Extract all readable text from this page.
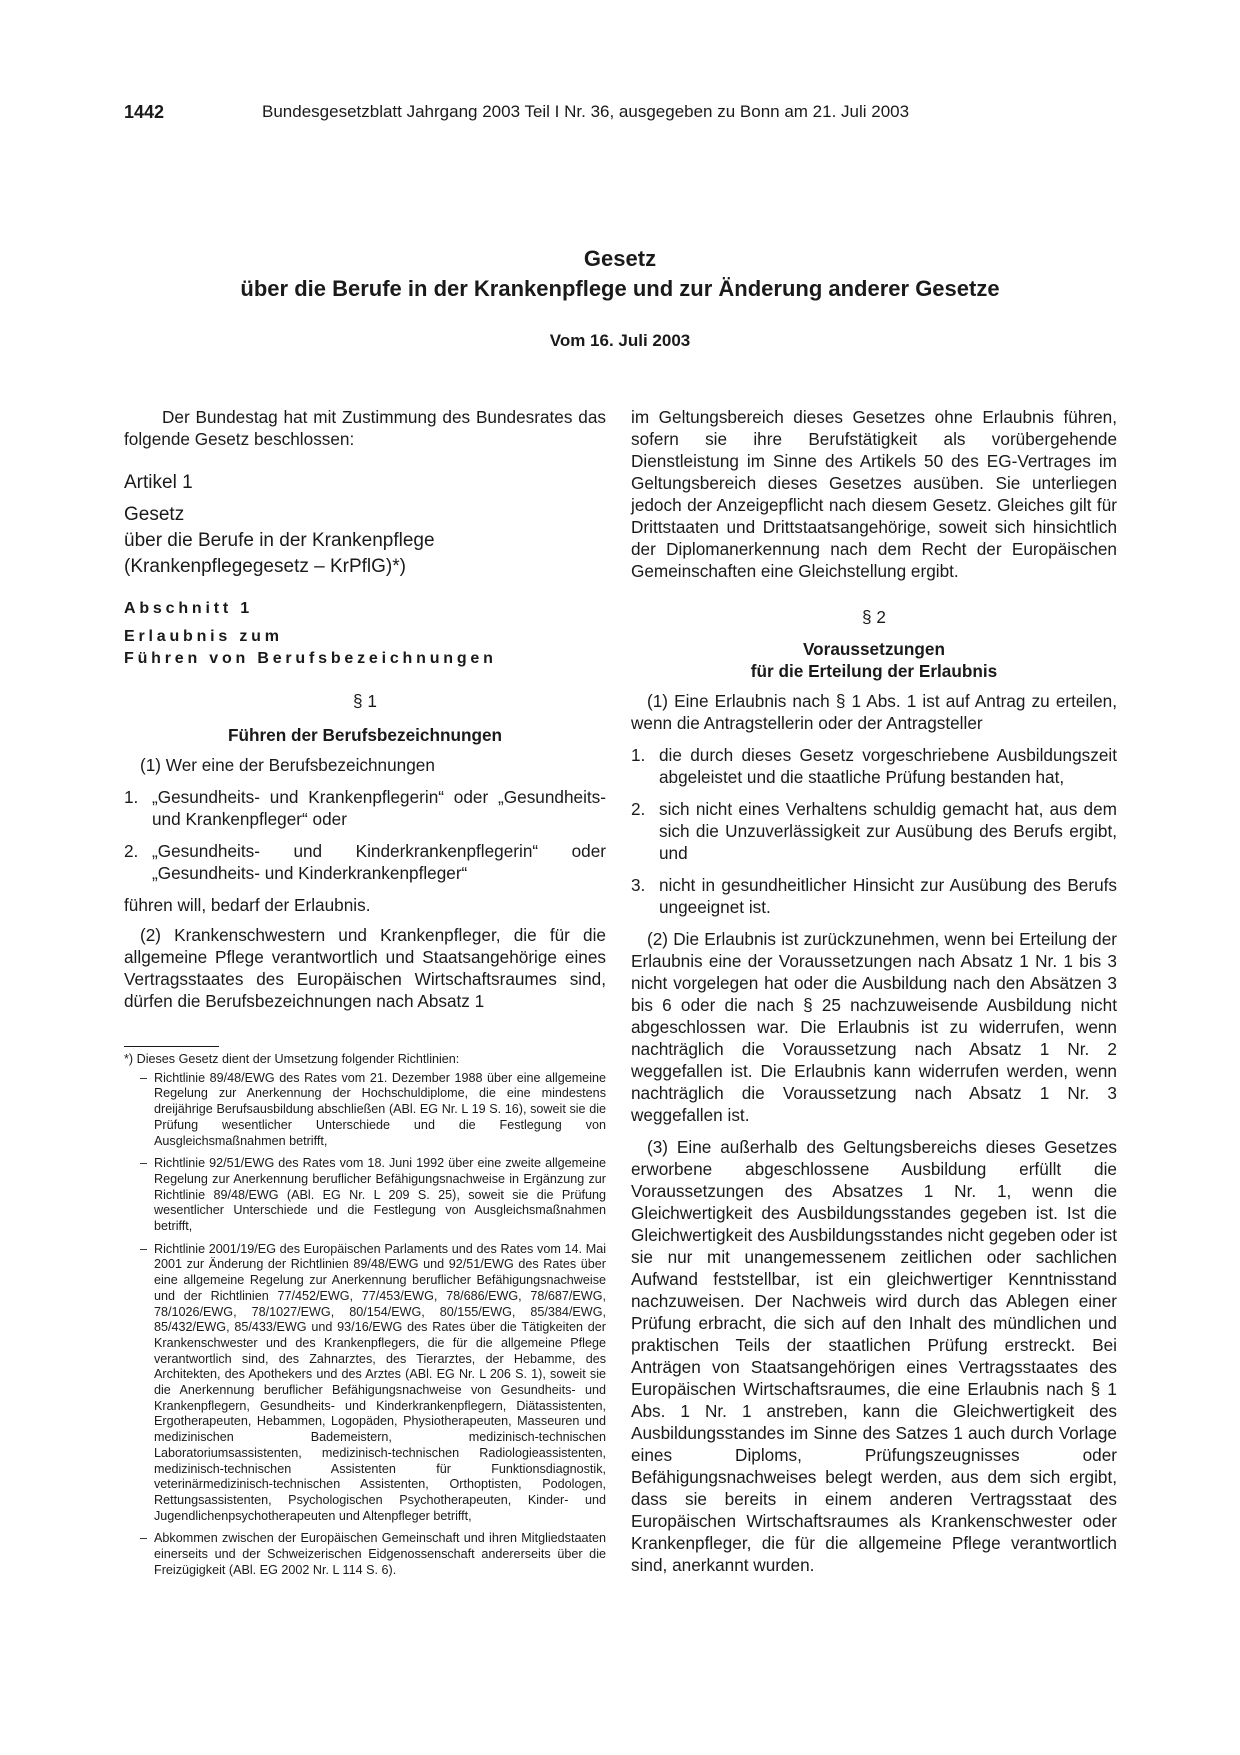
1442	Bundesgesetzblatt Jahrgang 2003 Teil I Nr. 36, ausgegeben zu Bonn am 21. Juli 2003
Gesetz
über die Berufe in der Krankenpflege und zur Änderung anderer Gesetze
Vom 16. Juli 2003

Der Bundestag hat mit Zustimmung des Bundesrates das folgende Gesetz beschlossen:

Artikel 1

Gesetz

über die Berufe in der Krankenpflege

(Krankenpflegegesetz – KrPflG)*)

Abschnitt 1

Erlaubnis zum

Führen von Berufsbezeichnungen

§ 1

Führen der Berufsbezeichnungen

(1) Wer eine der Berufsbezeichnungen

1. „Gesundheits- und Krankenpflegerin“ oder „Gesundheits- und Krankenpfleger“ oder
2. „Gesundheits- und Kinderkrankenpflegerin“ oder „Gesundheits- und Kinderkrankenpfleger“

führen will, bedarf der Erlaubnis.

(2) Krankenschwestern und Krankenpfleger, die für die allgemeine Pflege verantwortlich und Staatsangehörige eines Vertragsstaates des Europäischen Wirtschaftsraumes sind, dürfen die Berufsbezeichnungen nach Absatz 1

*) Dieses Gesetz dient der Umsetzung folgender Richtlinien:

– Richtlinie 89/48/EWG des Rates vom 21. Dezember 1988 über eine allgemeine Regelung zur Anerkennung der Hochschuldiplome, die eine mindestens dreijährige Berufsausbildung abschließen (ABl. EG Nr. L 19 S. 16), soweit sie die Prüfung wesentlicher Unterschiede und die Festlegung von Ausgleichsmaßnahmen betrifft,
– Richtlinie 92/51/EWG des Rates vom 18. Juni 1992 über eine zweite allgemeine Regelung zur Anerkennung beruflicher Befähigungsnachweise in Ergänzung zur Richtlinie 89/48/EWG (ABl. EG Nr. L 209 S. 25), soweit sie die Prüfung wesentlicher Unterschiede und die Festlegung von Ausgleichsmaßnahmen betrifft,
– Richtlinie 2001/19/EG des Europäischen Parlaments und des Rates vom 14. Mai 2001 zur Änderung der Richtlinien 89/48/EWG und 92/51/EWG des Rates über eine allgemeine Regelung zur Anerkennung beruflicher Befähigungsnachweise und der Richtlinien 77/452/EWG, 77/453/EWG, 78/686/EWG, 78/687/EWG, 78/1026/EWG, 78/1027/EWG, 80/154/EWG, 80/155/EWG, 85/384/EWG, 85/432/EWG, 85/433/EWG und 93/16/EWG des Rates über die Tätigkeiten der Krankenschwester und des Krankenpflegers, die für die allgemeine Pflege verantwortlich sind, des Zahnarztes, des Tierarztes, der Hebamme, des Architekten, des Apothekers und des Arztes (ABl. EG Nr. L 206 S. 1), soweit sie die Anerkennung beruflicher Befähigungsnachweise von Gesundheits- und Krankenpflegern, Gesundheits- und Kinderkrankenpflegern, Diätassistenten, Ergotherapeuten, Hebammen, Logopäden, Physiotherapeuten, Masseuren und medizinischen Bademeistern, medizinisch-technischen Laboratoriumsassistenten, medizinisch-technischen Radiologieassistenten, medizinisch-technischen Assistenten für Funktionsdiagnostik, veterinärmedizinisch-technischen Assistenten, Orthoptisten, Podologen, Rettungsassistenten, Psychologischen Psychotherapeuten, Kinder- und Jugendlichenpsychotherapeuten und Altenpfleger betrifft,
– Abkommen zwischen der Europäischen Gemeinschaft und ihren Mitgliedstaaten einerseits und der Schweizerischen Eidgenossenschaft andererseits über die Freizügigkeit (ABl. EG 2002 Nr. L 114 S. 6).

im Geltungsbereich dieses Gesetzes ohne Erlaubnis führen, sofern sie ihre Berufstätigkeit als vorübergehende Dienstleistung im Sinne des Artikels 50 des EG-Vertrages im Geltungsbereich dieses Gesetzes ausüben. Sie unterliegen jedoch der Anzeigepflicht nach diesem Gesetz. Gleiches gilt für Drittstaaten und Drittstaatsangehörige, soweit sich hinsichtlich der Diplomanerkennung nach dem Recht der Europäischen Gemeinschaften eine Gleichstellung ergibt.

§ 2

Voraussetzungen

für die Erteilung der Erlaubnis

(1) Eine Erlaubnis nach § 1 Abs. 1 ist auf Antrag zu erteilen, wenn die Antragstellerin oder der Antragsteller

1. die durch dieses Gesetz vorgeschriebene Ausbildungszeit abgeleistet und die staatliche Prüfung bestanden hat,
2. sich nicht eines Verhaltens schuldig gemacht hat, aus dem sich die Unzuverlässigkeit zur Ausübung des Berufs ergibt, und
3. nicht in gesundheitlicher Hinsicht zur Ausübung des Berufs ungeeignet ist.

(2) Die Erlaubnis ist zurückzunehmen, wenn bei Erteilung der Erlaubnis eine der Voraussetzungen nach Absatz 1 Nr. 1 bis 3 nicht vorgelegen hat oder die Ausbildung nach den Absätzen 3 bis 6 oder die nach § 25 nachzuweisende Ausbildung nicht abgeschlossen war. Die Erlaubnis ist zu widerrufen, wenn nachträglich die Voraussetzung nach Absatz 1 Nr. 2 weggefallen ist. Die Erlaubnis kann widerrufen werden, wenn nachträglich die Voraussetzung nach Absatz 1 Nr. 3 weggefallen ist.

(3) Eine außerhalb des Geltungsbereichs dieses Gesetzes erworbene abgeschlossene Ausbildung erfüllt die Voraussetzungen des Absatzes 1 Nr. 1, wenn die Gleichwertigkeit des Ausbildungsstandes gegeben ist. Ist die Gleichwertigkeit des Ausbildungsstandes nicht gegeben oder ist sie nur mit unangemessenem zeitlichen oder sachlichen Aufwand feststellbar, ist ein gleichwertiger Kenntnisstand nachzuweisen. Der Nachweis wird durch das Ablegen einer Prüfung erbracht, die sich auf den Inhalt des mündlichen und praktischen Teils der staatlichen Prüfung erstreckt. Bei Anträgen von Staatsangehörigen eines Vertragsstaates des Europäischen Wirtschaftsraumes, die eine Erlaubnis nach § 1 Abs. 1 Nr. 1 anstreben, kann die Gleichwertigkeit des Ausbildungsstandes im Sinne des Satzes 1 auch durch Vorlage eines Diploms, Prüfungszeugnisses oder Befähigungsnachweises belegt werden, aus dem sich ergibt, dass sie bereits in einem anderen Vertragsstaat des Europäischen Wirtschaftsraumes als Krankenschwester oder Krankenpfleger, die für die allgemeine Pflege verantwortlich sind, anerkannt wurden.
